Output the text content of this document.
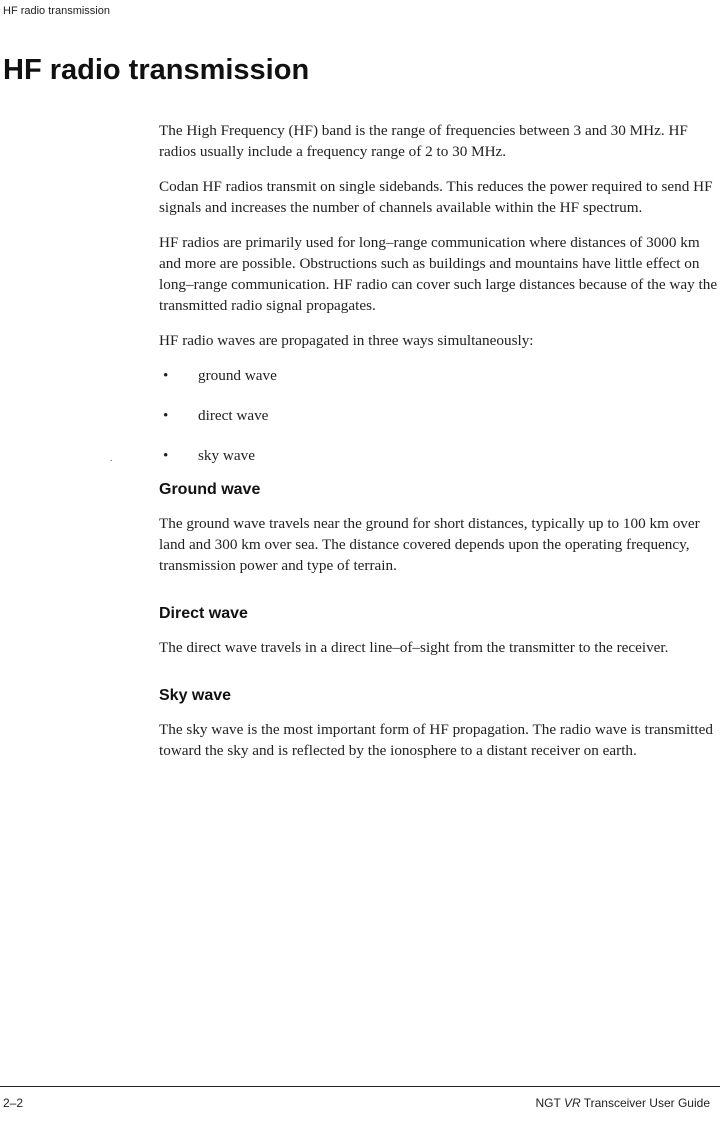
HF radio transmission
HF radio transmission

The High Frequency (HF) band is the range of frequencies between 3 and 30 MHz. HF radios usually include a frequency range of 2 to 30 MHz.

Codan HF radios transmit on single sidebands. This reduces the power required to send HF signals and increases the number of channels available within the HF spectrum.

HF radios are primarily used for long–range communication where distances of 3000 km and more are possible. Obstructions such as buildings and mountains have little effect on long–range communication. HF radio can cover such large distances because of the way the transmitted radio signal propagates.

HF radio waves are propagated in three ways simultaneously:

• ground wave
• direct wave
.	• sky wave
Ground wave

The ground wave travels near the ground for short distances, typically up to 100 km over land and 300 km over sea. The distance covered depends upon the operating frequency, transmission power and type of terrain.

Direct wave

The direct wave travels in a direct line–of–sight from the transmitter to the receiver.

Sky wave

The sky wave is the most important form of HF propagation. The radio wave is transmitted toward the sky and is reflected by the ionosphere to a distant receiver on earth.

2–2	NGT VR Transceiver User Guide
